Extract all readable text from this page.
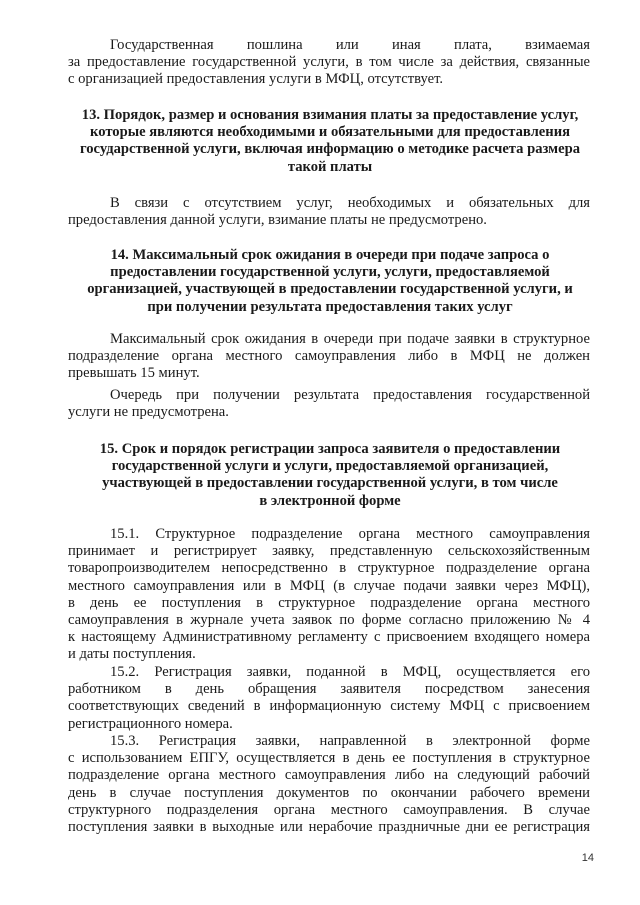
Государственная пошлина или иная плата, взимаемая
за предоставление государственной услуги, в том числе за действия, связанные
с организацией предоставления услуги в МФЦ, отсутствует.
13. Порядок, размер и основания взимания платы за предоставление услуг,
которые являются необходимыми и обязательными для предоставления
государственной услуги, включая информацию о методике расчета размера
такой платы
В связи с отсутствием услуг, необходимых и обязательных для
предоставления данной услуги, взимание платы не предусмотрено.
14. Максимальный срок ожидания в очереди при подаче запроса о
предоставлении государственной услуги, услуги, предоставляемой
организацией, участвующей в предоставлении государственной услуги, и
при получении результата предоставления таких услуг
Максимальный срок ожидания в очереди при подаче заявки в структурное
подразделение органа местного самоуправления либо в МФЦ не должен
превышать 15 минут.
Очередь при получении результата предоставления государственной
услуги не предусмотрена.
15. Срок и порядок регистрации запроса заявителя о предоставлении
государственной услуги и услуги, предоставляемой организацией,
участвующей в предоставлении государственной услуги, в том числе
в электронной форме
15.1. Структурное подразделение органа местного самоуправления
принимает и регистрирует заявку, представленную сельскохозяйственным
товаропроизводителем непосредственно в структурное подразделение органа
местного самоуправления или в МФЦ (в случае подачи заявки через МФЦ),
в день ее поступления в структурное подразделение органа местного
самоуправления в журнале учета заявок по форме согласно приложению № 4
к настоящему Административному регламенту с присвоением входящего номера
и даты поступления.
15.2. Регистрация заявки, поданной в МФЦ, осуществляется его
работником в день обращения заявителя посредством занесения
соответствующих сведений в информационную систему МФЦ с присвоением
регистрационного номера.
15.3. Регистрация заявки, направленной в электронной форме
с использованием ЕПГУ, осуществляется в день ее поступления в структурное
подразделение органа местного самоуправления либо на следующий рабочий
день в случае поступления документов по окончании рабочего времени
структурного подразделения органа местного самоуправления. В случае
поступления заявки в выходные или нерабочие праздничные дни ее регистрация
14
